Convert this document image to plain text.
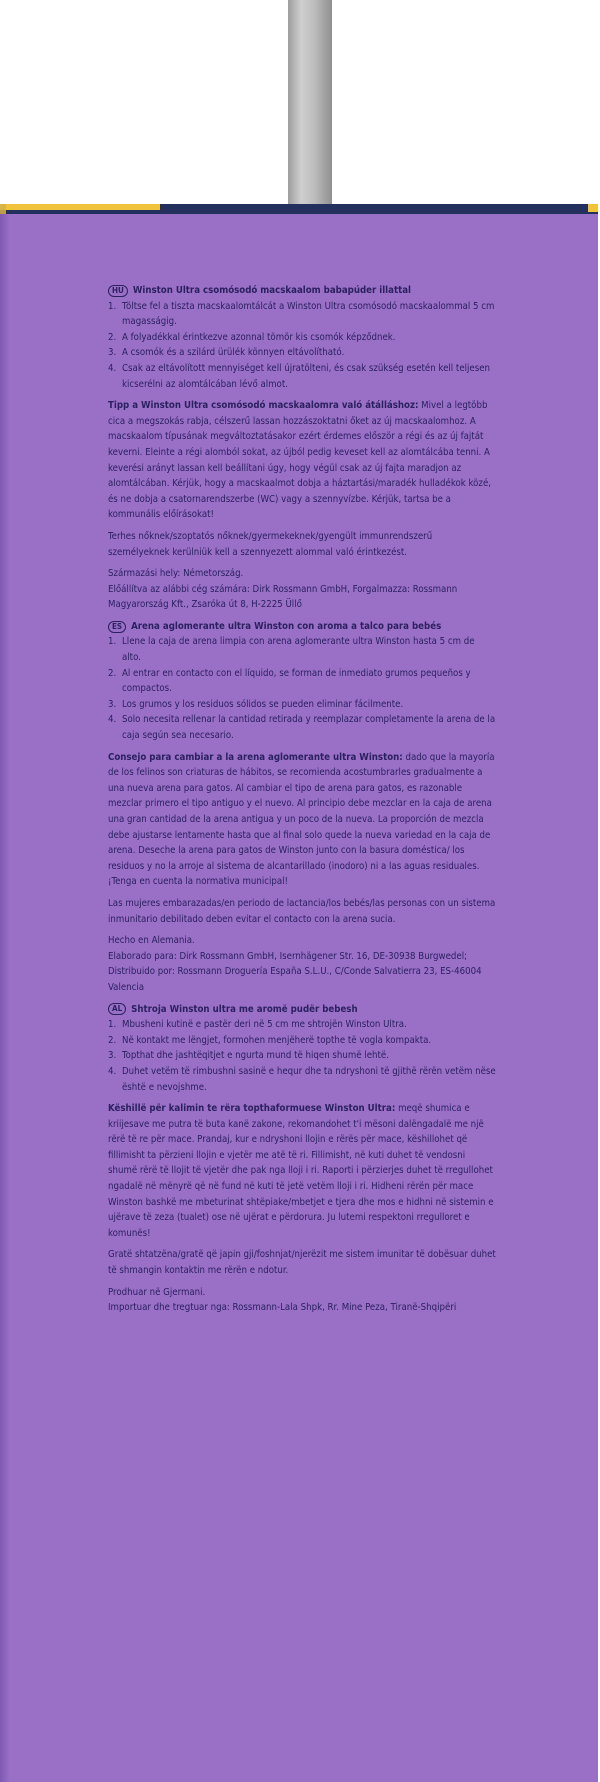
HU Winston Ultra csomósodó macskaalom babapúder illattal

1. Töltse fel a tiszta macskaalomtálcát a Winston Ultra csomósodó macskaalommal 5 cm magasságig.
2. A folyadékkal érintkezve azonnal tömör kis csomók képződnek.
3. A csomók és a szilárd ürülék könnyen eltávolítható.
4. Csak az eltávolított mennyiséget kell újratölteni, és csak szükség esetén kell teljesen kicserélni az alomtálcában lévő almot.

Tipp a Winston Ultra csomósodó macskaalomra való átálláshoz: Mivel a legtöbb cica a megszokás rabja, célszerű lassan hozzászoktatni őket az új macskaalomhoz. A macskaalom típusának megváltoztatásakor ezért érdemes először a régi és az új fajtát keverni. Eleinte a régi alomból sokat, az újból pedig keveset kell az alomtálcába tenni. A keverési arányt lassan kell beállítani úgy, hogy végül csak az új fajta maradjon az alomtálcában. Kérjük, hogy a macskaalmot dobja a háztartási/maradék hulladékok közé, és ne dobja a csatornarendszerbe (WC) vagy a szennyvízbe. Kérjük, tartsa be a kommunális előírásokat!

Terhes nőknek/szoptatós nőknek/gyermekeknek/gyengült immunrendszerű személyeknek kerülniük kell a szennyezett alommal való érintkezést.

Származási hely: Németország.

Előállítva az alábbi cég számára: Dirk Rossmann GmbH, Forgalmazza: Rossmann Magyarország Kft., Zsaróka út 8, H-2225 Üllő

ES Arena aglomerante ultra Winston con aroma a talco para bebés

1. Llene la caja de arena limpia con arena aglomerante ultra Winston hasta 5 cm de alto.
2. Al entrar en contacto con el líquido, se forman de inmediato grumos pequeños y compactos.
3. Los grumos y los residuos sólidos se pueden eliminar fácilmente.
4. Solo necesita rellenar la cantidad retirada y reemplazar completamente la arena de la caja según sea necesario.

Consejo para cambiar a la arena aglomerante ultra Winston: dado que la mayoría de los felinos son criaturas de hábitos, se recomienda acostumbrarles gradualmente a una nueva arena para gatos. Al cambiar el tipo de arena para gatos, es razonable mezclar primero el tipo antiguo y el nuevo. Al principio debe mezclar en la caja de arena una gran cantidad de la arena antigua y un poco de la nueva. La proporción de mezcla debe ajustarse lentamente hasta que al final solo quede la nueva variedad en la caja de arena. Deseche la arena para gatos de Winston junto con la basura doméstica/ los residuos y no la arroje al sistema de alcantarillado (inodoro) ni a las aguas residuales. ¡Tenga en cuenta la normativa municipal!

Las mujeres embarazadas/en periodo de lactancia/los bebés/las personas con un sistema inmunitario debilitado deben evitar el contacto con la arena sucia.

Hecho en Alemania.

Elaborado para: Dirk Rossmann GmbH, Isernhägener Str. 16, DE-30938 Burgwedel; Distribuido por: Rossmann Droguería España S.L.U., C/Conde Salvatierra 23, ES-46004 Valencia

AL Shtroja Winston ultra me aromë pudër bebesh

1. Mbusheni kutinë e pastër deri në 5 cm me shtrojën Winston Ultra.
2. Në kontakt me lëngjet, formohen menjëherë topthe të vogla kompakta.
3. Topthat dhe jashtëqitjet e ngurta mund të hiqen shumë lehtë.
4. Duhet vetëm të rimbushni sasinë e hequr dhe ta ndryshoni të gjithë rërën vetëm nëse është e nevojshme.

Këshillë për kalimin te rëra topthaformuese Winston Ultra: meqë shumica e kriijesave me putra të buta kanë zakone, rekomandohet t'i mësoni dalëngadalë me një rërë të re për mace. Prandaj, kur e ndryshoni llojin e rërës për mace, këshillohet që fillimisht ta përzieni llojin e vjetër me atë të ri. Fillimisht, në kuti duhet të vendosni shumë rërë të llojit të vjetër dhe pak nga lloji i ri. Raporti i përzierjes duhet të rregullohet ngadalë në mënyrë që në fund në kuti të jetë vetëm lloji i ri. Hidheni rërën për mace Winston bashkë me mbeturinat shtëpiake/mbetjet e tjera dhe mos e hidhni në sistemin e ujërave të zeza (tualet) ose në ujërat e përdorura. Ju lutemi respektoni rregulloret e komunës!

Gratë shtatzëna/gratë që japin gji/foshnjat/njerëzit me sistem imunitar të dobësuar duhet të shmangin kontaktin me rërën e ndotur.

Prodhuar në Gjermani.

Importuar dhe tregtuar nga: Rossmann-Lala Shpk, Rr. Mine Peza, Tiranë-Shqipëri
